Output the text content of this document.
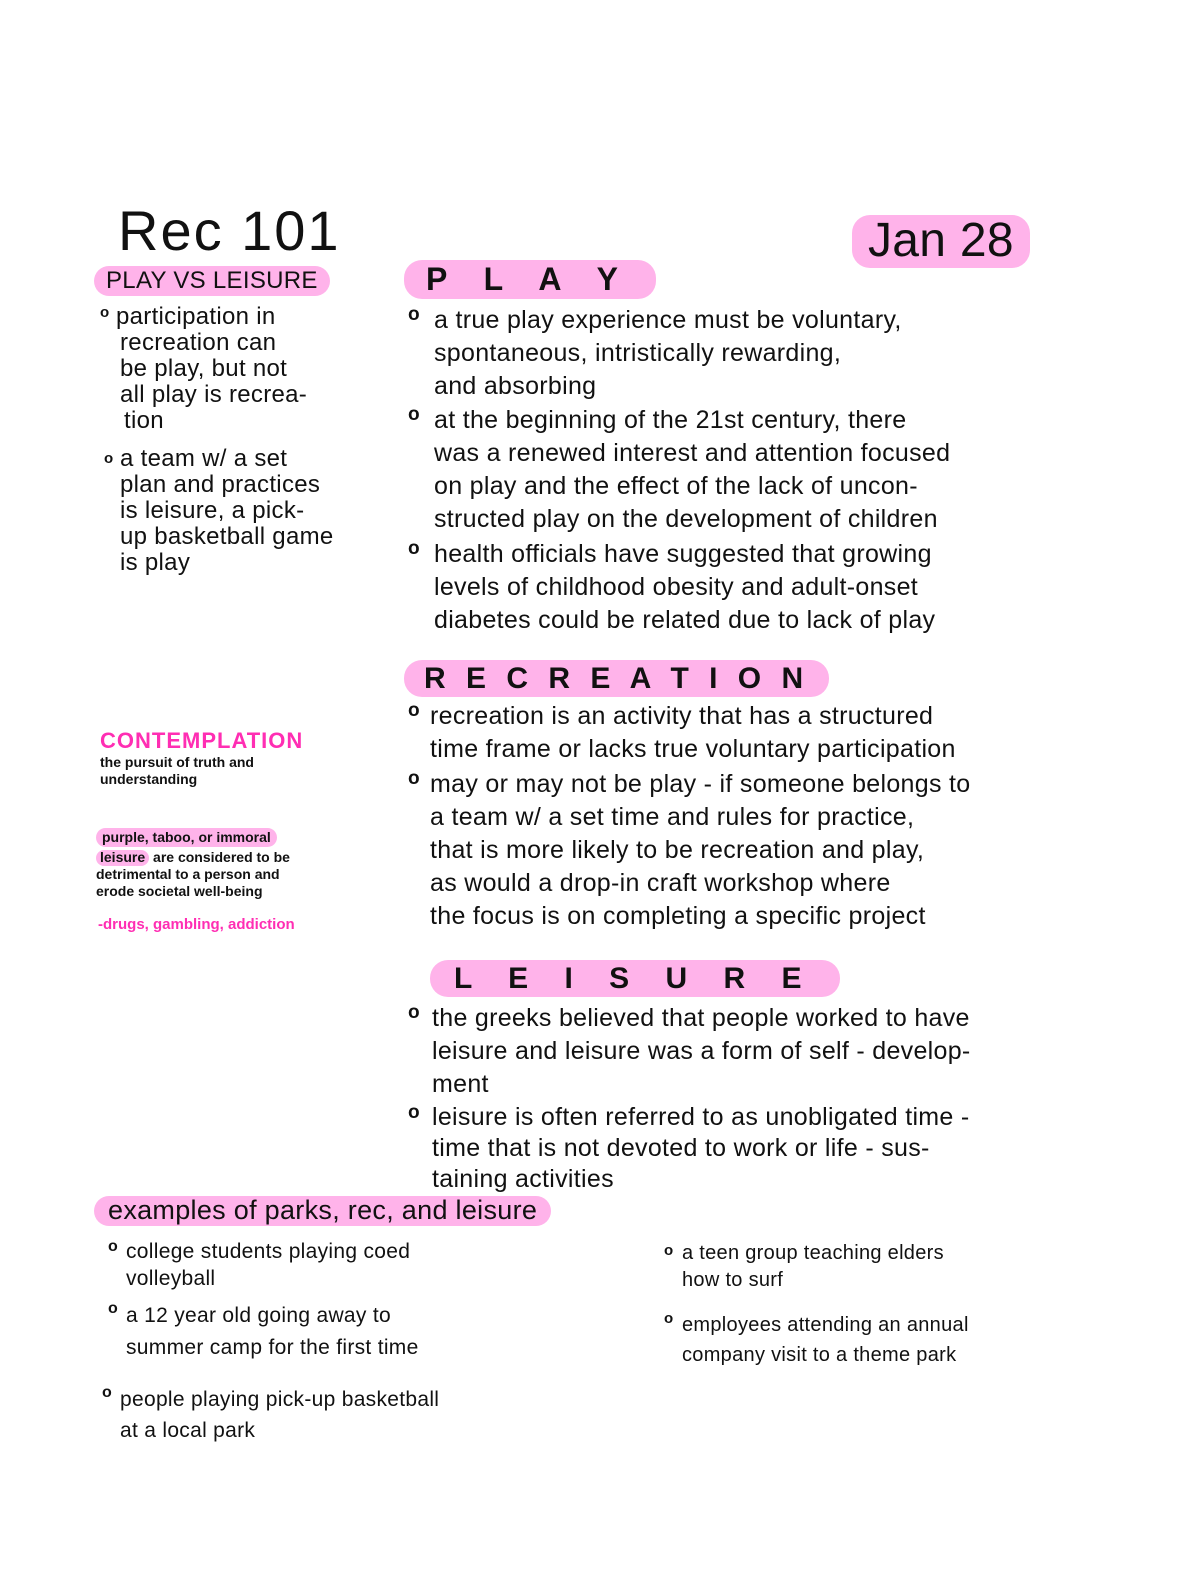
Rec 101	Jan 28
PLAY VS LEISURE
o participation in
recreation can
be play, but not
all play is recrea-
tion
o a team w/ a set
plan and practices
is leisure, a pick-
up basketball game
is play
CONTEMPLATION
the pursuit of truth and
understanding
purple, taboo, or immoral
leisure are considered to be
detrimental to a person and
erode societal well-being
-drugs, gambling, addiction
P L A Y
o a true play experience must be voluntary,
spontaneous, intristically rewarding,
and absorbing
o at the beginning of the 21st century, there
was a renewed interest and attention focused
on play and the effect of the lack of uncon-
structed play on the development of children
o health officials have suggested that growing
levels of childhood obesity and adult-onset
diabetes could be related due to lack of play
R E C R E A T I O N
o recreation is an activity that has a structured
time frame or lacks true voluntary participation
o may or may not be play - if someone belongs to
a team w/ a set time and rules for practice,
that is more likely to be recreation and play,
as would a drop-in craft workshop where
the focus is on completing a specific project
L E I S U R E
o the greeks believed that people worked to have
leisure and leisure was a form of self - develop-
ment
o leisure is often referred to as unobligated time -
time that is not devoted to work or life - sus-
taining activities
examples of parks, rec, and leisure
o college students playing coed
volleyball
o a 12 year old going away to
summer camp for the first time
o people playing pick-up basketball
at a local park
o a teen group teaching elders
how to surf
o employees attending an annual
company visit to a theme park
